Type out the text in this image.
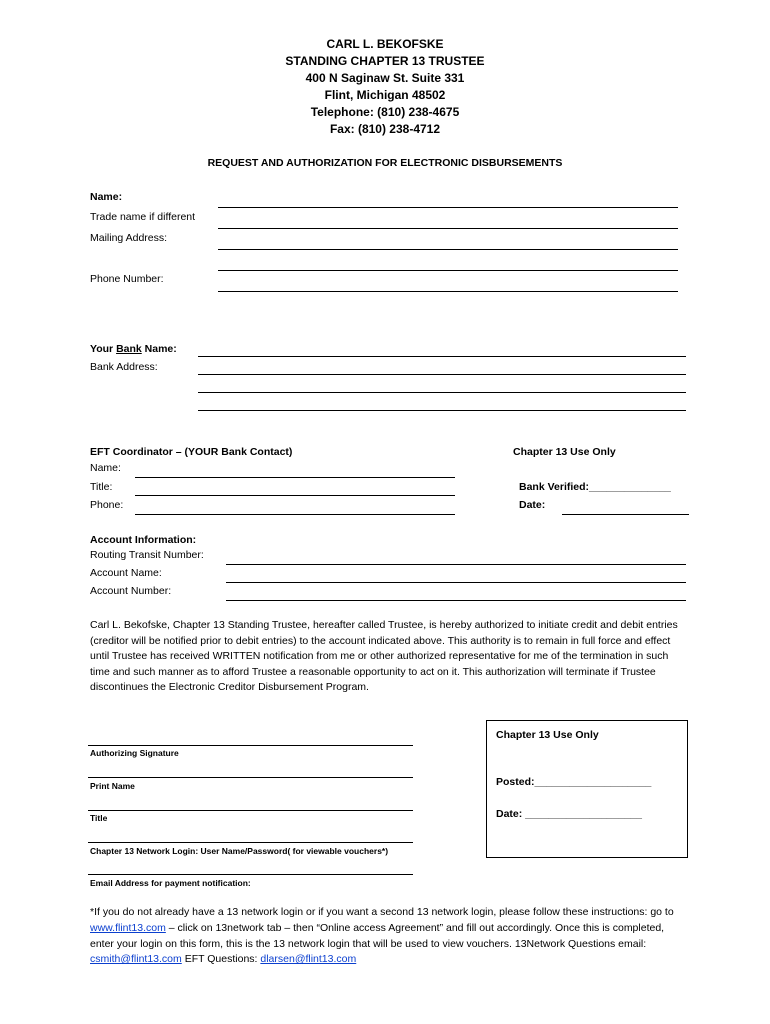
CARL L. BEKOFSKE
STANDING CHAPTER 13 TRUSTEE
400 N Saginaw St. Suite 331
Flint, Michigan 48502
Telephone: (810) 238-4675
Fax: (810) 238-4712
REQUEST AND AUTHORIZATION FOR ELECTRONIC DISBURSEMENTS
Name:
Trade name if different
Mailing Address:
Phone Number:
Your Bank Name:
Bank Address:
EFT Coordinator – (YOUR Bank Contact)
Name:
Title:
Phone:
Chapter 13 Use Only
Bank Verified:______________
Date:
Account Information:
Routing Transit Number:
Account Name:
Account Number:
Carl L. Bekofske, Chapter 13 Standing Trustee, hereafter called Trustee, is hereby authorized to initiate credit and debit entries (creditor will be notified prior to debit entries) to the account indicated above. This authority is to remain in full force and effect until Trustee has received WRITTEN notification from me or other authorized representative for me of the termination in such time and such manner as to afford Trustee a reasonable opportunity to act on it. This authorization will terminate if Trustee discontinues the Electronic Creditor Disbursement Program.
Authorizing Signature
Print Name
Title
Chapter 13 Network Login: User Name/Password( for viewable vouchers*)
Email Address for payment notification:
Chapter 13 Use Only
Posted:____________________
Date: ____________________
*If you do not already have a 13 network login or if you want a second 13 network login, please follow these instructions: go to www.flint13.com – click on 13network tab – then “Online access Agreement” and fill out accordingly. Once this is completed, enter your login on this form, this is the 13 network login that will be used to view vouchers. 13Network Questions email: csmith@flint13.com EFT Questions: dlarsen@flint13.com
